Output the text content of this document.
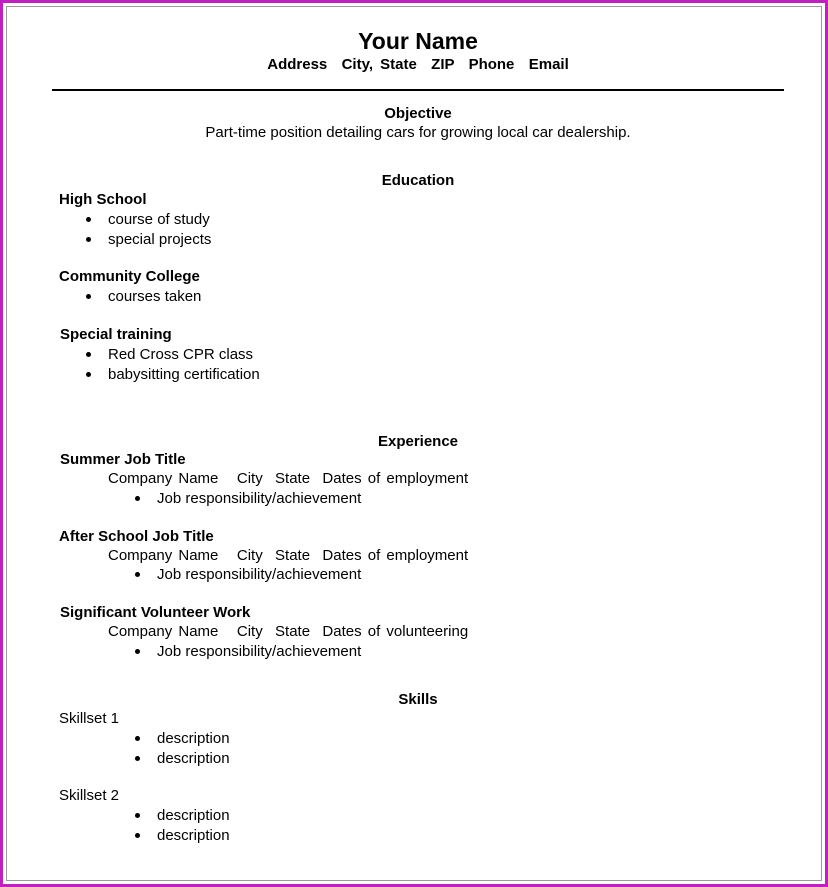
Your Name
Address  City, State  ZIP  Phone  Email
Objective
Part-time position detailing cars for growing local car dealership.
Education
High School
course of study
special projects
Community College
courses taken
Special training
Red Cross CPR class
babysitting certification
Experience
Summer Job Title
Company Name   City  State  Dates of employment
Job responsibility/achievement
After School Job Title
Company Name   City  State  Dates of employment
Job responsibility/achievement
Significant Volunteer Work
Company Name   City  State  Dates of volunteering
Job responsibility/achievement
Skills
Skillset 1
description
description
Skillset 2
description
description
